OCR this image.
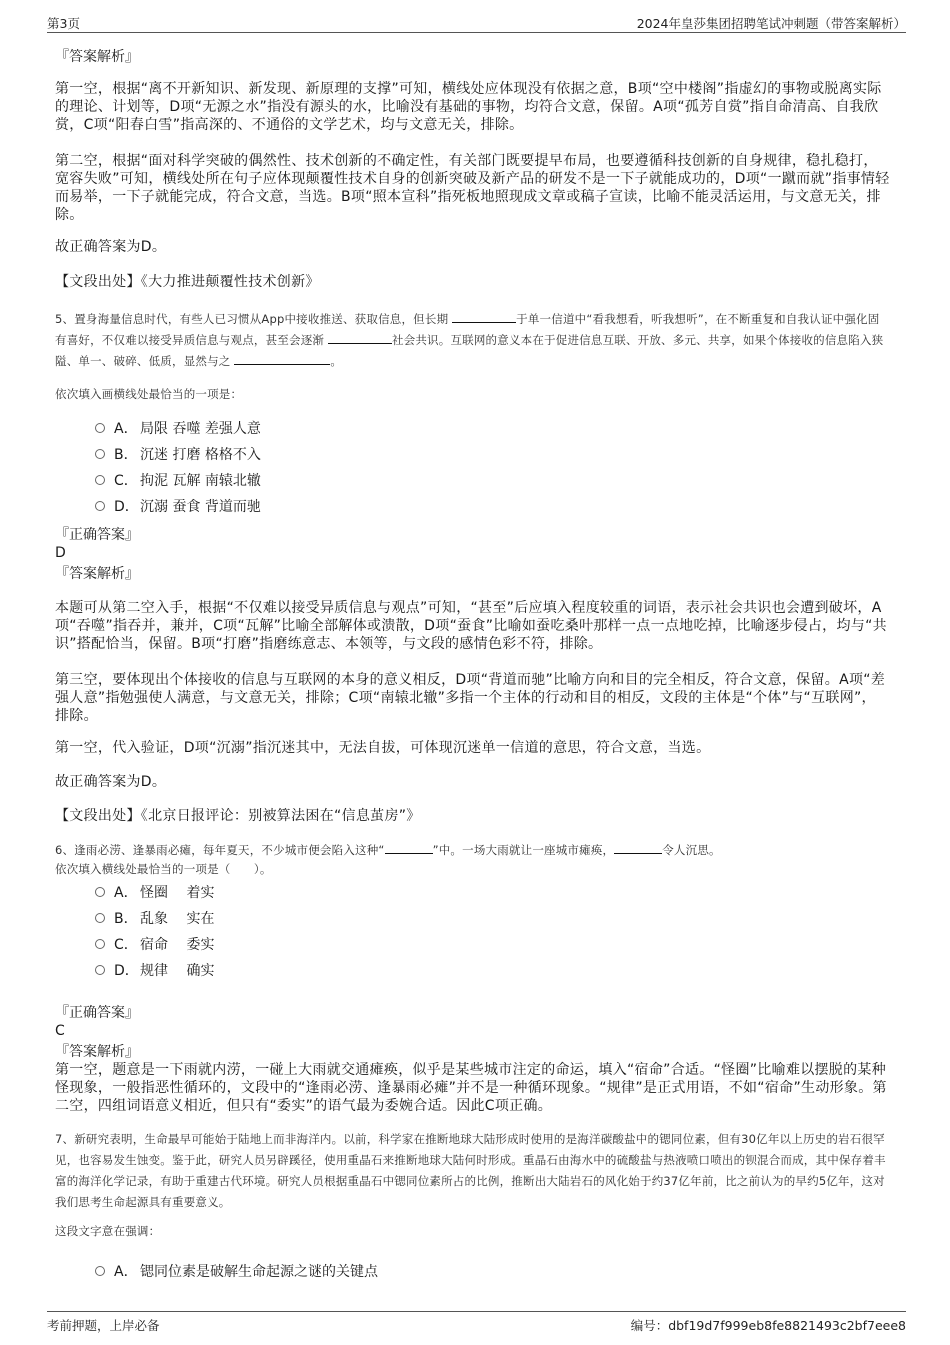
第3页	2024年皇莎集团招聘笔试冲刺题（带答案解析）
『答案解析』
第一空，根据“离不开新知识、新发现、新原理的支撑”可知，横线处应体现没有依据之意，B项“空中楼阁”指虚幻的事物或脱离实际的理论、计划等，D项“无源之水”指没有源头的水，比喻没有基础的事物，均符合文意，保留。A项“孤芳自赏”指自命清高、自我欣赏，C项“阳春白雪”指高深的、不通俗的文学艺术，均与文意无关，排除。
第二空，根据“面对科学突破的偶然性、技术创新的不确定性，有关部门既要提早布局，也要遵循科技创新的自身规律，稳扎稳打，宽容失败”可知，横线处所在句子应体现颠覆性技术自身的创新突破及新产品的研发不是一下子就能成功的，D项“一蹴而就”指事情轻而易举，一下子就能完成，符合文意，当选。B项“照本宣科”指死板地照现成文章或稿子宣读，比喻不能灵活运用，与文意无关，排除。
故正确答案为D。
【文段出处】《大力推进颠覆性技术创新》
5、置身海量信息时代，有些人已习惯从App中接收推送、获取信息，但长期	于单一信道中“看我想看，听我想听”，在不断重复和自我认证中强化固有喜好，不仅难以接受异质信息与观点，甚至会逐渐	社会共识。互联网的意义本在于促进信息互联、开放、多元、共享，如果个体接收的信息陷入狭隘、单一、破碎、低质，显然与之	。
依次填入画横线处最恰当的一项是：
A． 局限 吞噬 差强人意
B． 沉迷 打磨 格格不入
C． 拘泥 瓦解 南辕北辙
D．沉溺 蚕食 背道而驰
『正确答案』
D
『答案解析』
本题可从第二空入手，根据“不仅难以接受异质信息与观点”可知，“甚至”后应填入程度较重的词语，表示社会共识也会遭到破坏，A项“吞噬”指吞并，兼并，C项“瓦解”比喻全部解体或溃散，D项“蚕食”比喻如蚕吃桑叶那样一点一点地吃掉，比喻逐步侵占，均与“共识”搭配恰当，保留。B项“打磨”指磨练意志、本领等，与文段的感情色彩不符，排除。
第三空，要体现出个体接收的信息与互联网的本身的意义相反，D项“背道而驰”比喻方向和目的完全相反，符合文意，保留。A项“差强人意”指勉强使人满意，与文意无关，排除；C项“南辕北辙”多指一个主体的行动和目的相反，文段的主体是“个体”与“互联网”，排除。
第一空，代入验证，D项“沉溺”指沉迷其中，无法自拔，可体现沉迷单一信道的意思，符合文意，当选。
故正确答案为D。
【文段出处】《北京日报评论：别被算法困在“信息茧房”》
6、逢雨必涝、逢暴雨必瘫，每年夏天，不少城市便会陷入这种“	”中。一场大雨就让一座城市瘫痪，	令人沉思。
依次填入横线处最恰当的一项是（　　）。
A． 怪圈　 着实
B． 乱象　 实在
C． 宿命　 委实
D．规律　 确实
『正确答案』
C
『答案解析』
第一空，题意是一下雨就内涝，一碰上大雨就交通瘫痪，似乎是某些城市注定的命运，填入“宿命”合适。“怪圈”比喻难以摆脱的某种怪现象，一般指恶性循环的，文段中的“逢雨必涝、逢暴雨必瘫”并不是一种循环现象。“规律”是正式用语，不如“宿命”生动形象。第二空，四组词语意义相近，但只有“委实”的语气最为委婉合适。因此C项正确。
7、新研究表明，生命最早可能始于陆地上而非海洋内。以前，科学家在推断地球大陆形成时使用的是海洋碳酸盐中的锶同位素，但有30亿年以上历史的岩石很罕见，也容易发生蚀变。鉴于此，研究人员另辟蹊径，使用重晶石来推断地球大陆何时形成。重晶石由海水中的硫酸盐与热液喷口喷出的钡混合而成，其中保存着丰富的海洋化学记录，有助于重建古代环境。研究人员根据重晶石中锶同位素所占的比例，推断出大陆岩石的风化始于约37亿年前，比之前认为的早约5亿年，这对我们思考生命起源具有重要意义。
这段文字意在强调：
A． 锶同位素是破解生命起源之谜的关键点
考前押题，上岸必备	编号：dbf19d7f999eb8fe8821493c2bf7eee8
